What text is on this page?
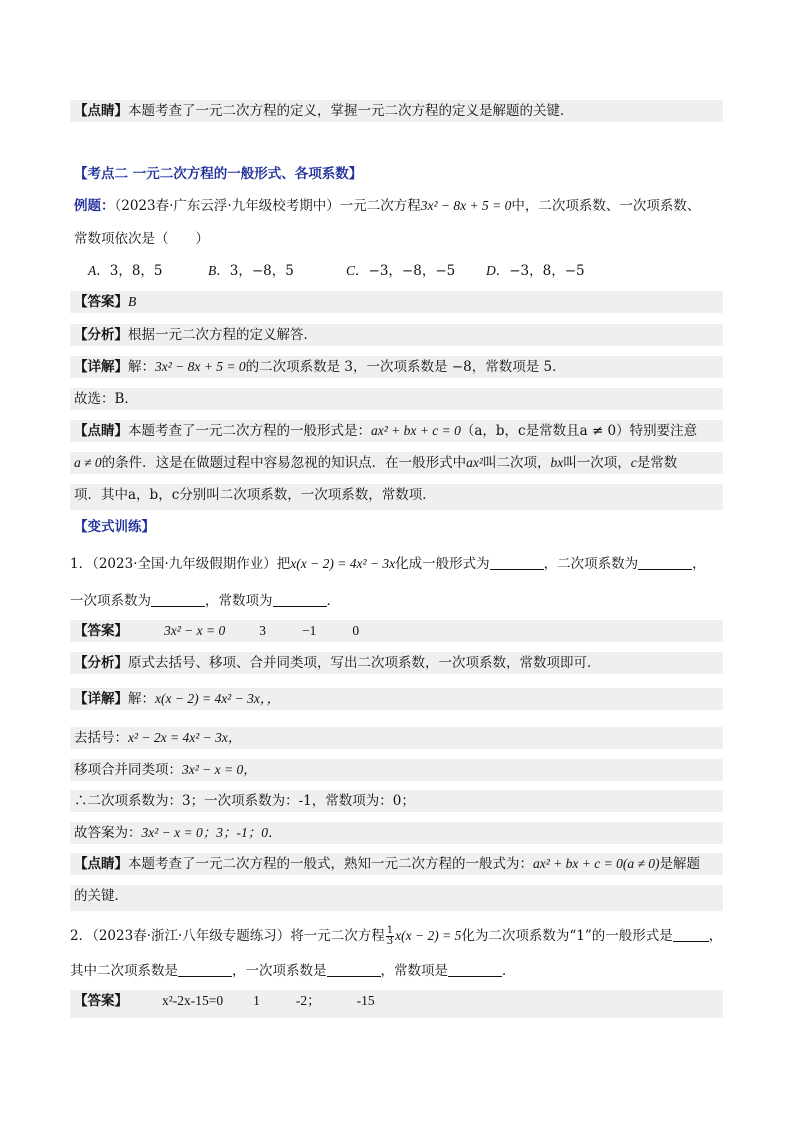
【点睛】本题考查了一元二次方程的定义，掌握一元二次方程的定义是解题的关键．
【考点二 一元二次方程的一般形式、各项系数】
例题：（2023春·广东云浮·九年级校考期中）一元二次方程3x² − 8x + 5 = 0中，二次项系数、一次项系数、
常数项依次是（　　）
A．3，8，5	B．3，−8，5	C．−3，−8，−5 D．−3，8，−5
【答案】B
【分析】根据一元二次方程的定义解答．
【详解】解：3x² − 8x + 5 = 0的二次项系数是 3，一次项系数是 −8，常数项是 5．
故选：B．
【点睛】本题考查了一元二次方程的一般形式是：ax² + bx + c = 0（a，b，c是常数且a ≠ 0）特别要注意
a ≠ 0的条件．这是在做题过程中容易忽视的知识点．在一般形式中ax²叫二次项，bx叫一次项，c是常数
项．其中a，b，c分别叫二次项系数，一次项系数，常数项．
【变式训练】
1．（2023·全国·九年级假期作业）把x(x − 2) = 4x² − 3x化成一般形式为	，二次项系数为	，
一次项系数为	，常数项为	．
【答案】	3x² − x = 0	3	−1	0
【分析】原式去括号、移项、合并同类项，写出二次项系数，一次项系数，常数项即可．
【详解】解：x(x − 2) = 4x² − 3x，，
去括号：x² − 2x = 4x² − 3x，
移项合并同类项：3x² − x = 0，
∴二次项系数为：3；一次项系数为：-1，常数项为：0；
故答案为：3x² − x = 0；3；-1；0．
【点睛】本题考查了一元二次方程的一般式，熟知一元二次方程的一般式为：ax² + bx + c = 0(a ≠ 0)是解题
的关键．
2．（2023春·浙江·八年级专题练习）将一元二次方程 $\frac{1}{3} x(x - 2) = 5$化为二次项系数为“1”的一般形式是	，
其中二次项系数是	，一次项系数是	，常数项是	．
【答案】	x²-2x-15=0 1	-2；	-15
